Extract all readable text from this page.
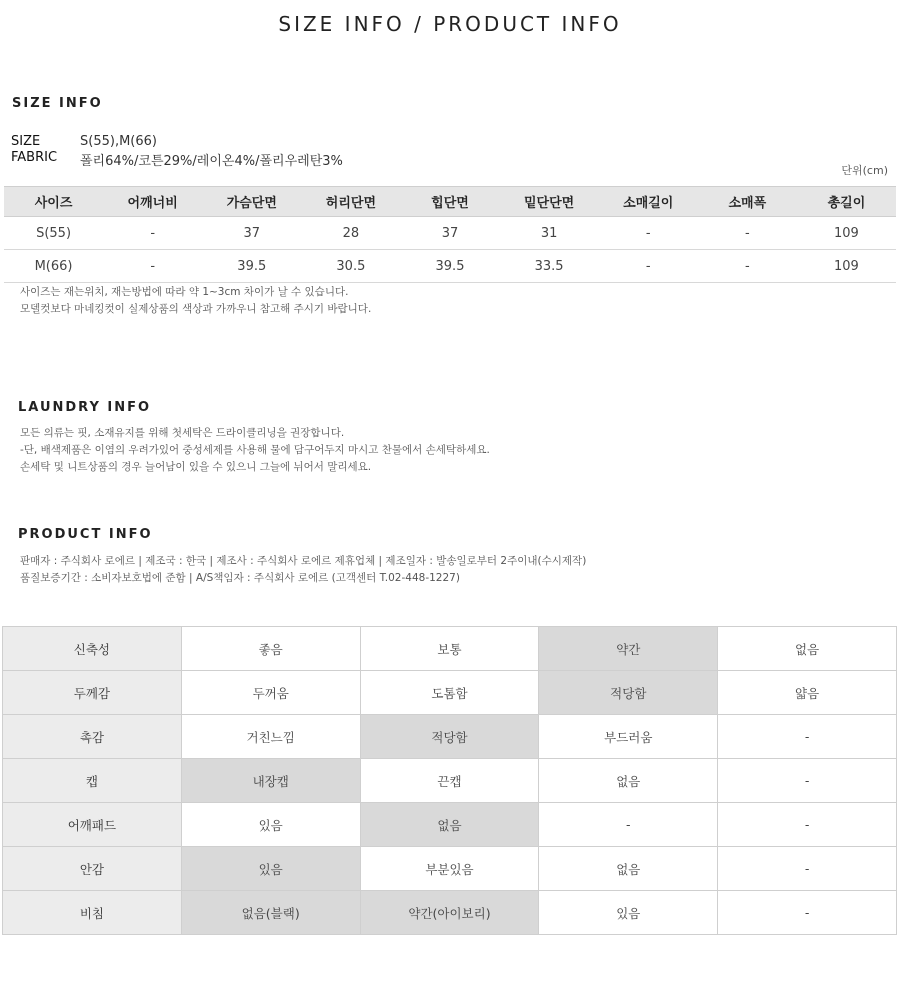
SIZE INFO / PRODUCT INFO
SIZE INFO
SIZE	S(55),M(66)
FABRIC 폴리64%/코튼29%/레이온4%/폴리우레탄3%
단위(cm)
사이즈	어깨너비	가슴단면	허리단면	힙단면	밑단단면	소매길이	소매폭	총길이
S(55)	-	37	28	37	31	-	-	109
M(66)	-	39.5	30.5	39.5	33.5	-	-	109
사이즈는 재는위치, 재는방법에 따라 약 1~3cm 차이가 날 수 있습니다.
모델컷보다 마네킹컷이 실제상품의 색상과 가까우니 참고해 주시기 바랍니다.
LAUNDRY INFO
모든 의류는 핏, 소재유지를 위해 첫세탁은 드라이클리닝을 권장합니다.
-단, 배색제품은 이염의 우려가있어 중성세제를 사용해 물에 담구어두지 마시고 찬물에서 손세탁하세요.
손세탁 및 니트상품의 경우 늘어남이 있을 수 있으니 그늘에 뉘어서 말리세요.
PRODUCT INFO
판매자 : 주식회사 로에르 | 제조국 : 한국 | 제조사 : 주식회사 로에르 제휴업체 | 제조일자 : 발송일로부터 2주이내(수시제작)
품질보증기간 : 소비자보호법에 준함 | A/S책임자 : 주식회사 로에르 (고객센터 T.02-448-1227)
신축성	좋음	보통	약간	없음
두께감	두꺼움	도톰함	적당함	얇음
촉감	거친느낌	적당함	부드러움	-
캡	내장캡	끈캡	없음	-
어깨패드	있음	없음	-	-
안감	있음	부분있음	없음	-
비침	없음(블랙)	약간(아이보리)	있음	-
